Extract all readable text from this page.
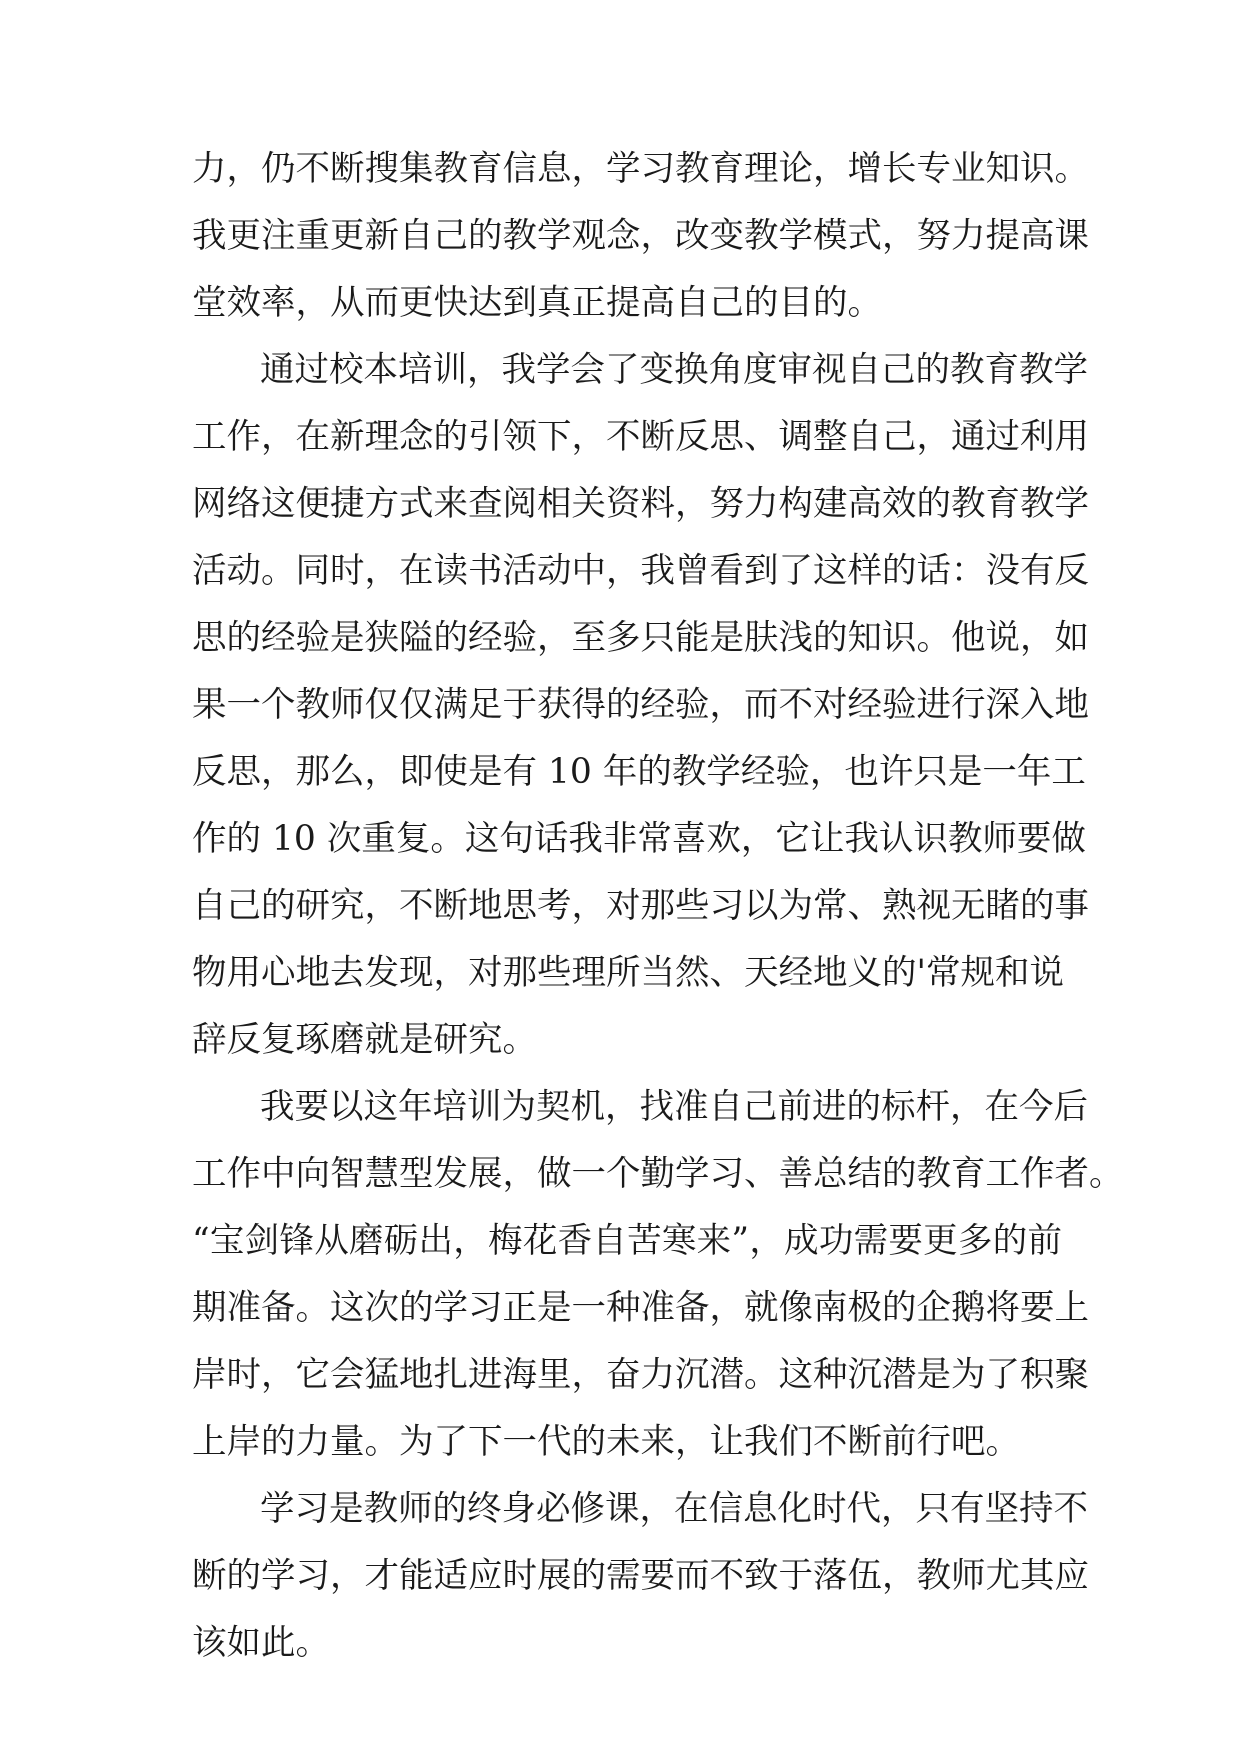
力，仍不断搜集教育信息，学习教育理论，增长专业知识。
我更注重更新自己的教学观念，改变教学模式，努力提高课
堂效率，从而更快达到真正提高自己的目的。
通过校本培训，我学会了变换角度审视自己的教育教学
工作，在新理念的引领下，不断反思、调整自己，通过利用
网络这便捷方式来查阅相关资料，努力构建高效的教育教学
活动。同时，在读书活动中，我曾看到了这样的话：没有反
思的经验是狭隘的经验，至多只能是肤浅的知识。他说，如
果一个教师仅仅满足于获得的经验，而不对经验进行深入地
反思，那么，即使是有 10 年的教学经验，也许只是一年工
作的 10 次重复。这句话我非常喜欢，它让我认识教师要做
自己的研究，不断地思考，对那些习以为常、熟视无睹的事
物用心地去发现，对那些理所当然、天经地义的'常规和说
辞反复琢磨就是研究。
我要以这年培训为契机，找准自己前进的标杆，在今后
工作中向智慧型发展，做一个勤学习、善总结的教育工作者。
“宝剑锋从磨砺出，梅花香自苦寒来”，成功需要更多的前
期准备。这次的学习正是一种准备，就像南极的企鹅将要上
岸时，它会猛地扎进海里，奋力沉潜。这种沉潜是为了积聚
上岸的力量。为了下一代的未来，让我们不断前行吧。
学习是教师的终身必修课，在信息化时代，只有坚持不
断的学习，才能适应时展的需要而不致于落伍，教师尤其应
该如此。
